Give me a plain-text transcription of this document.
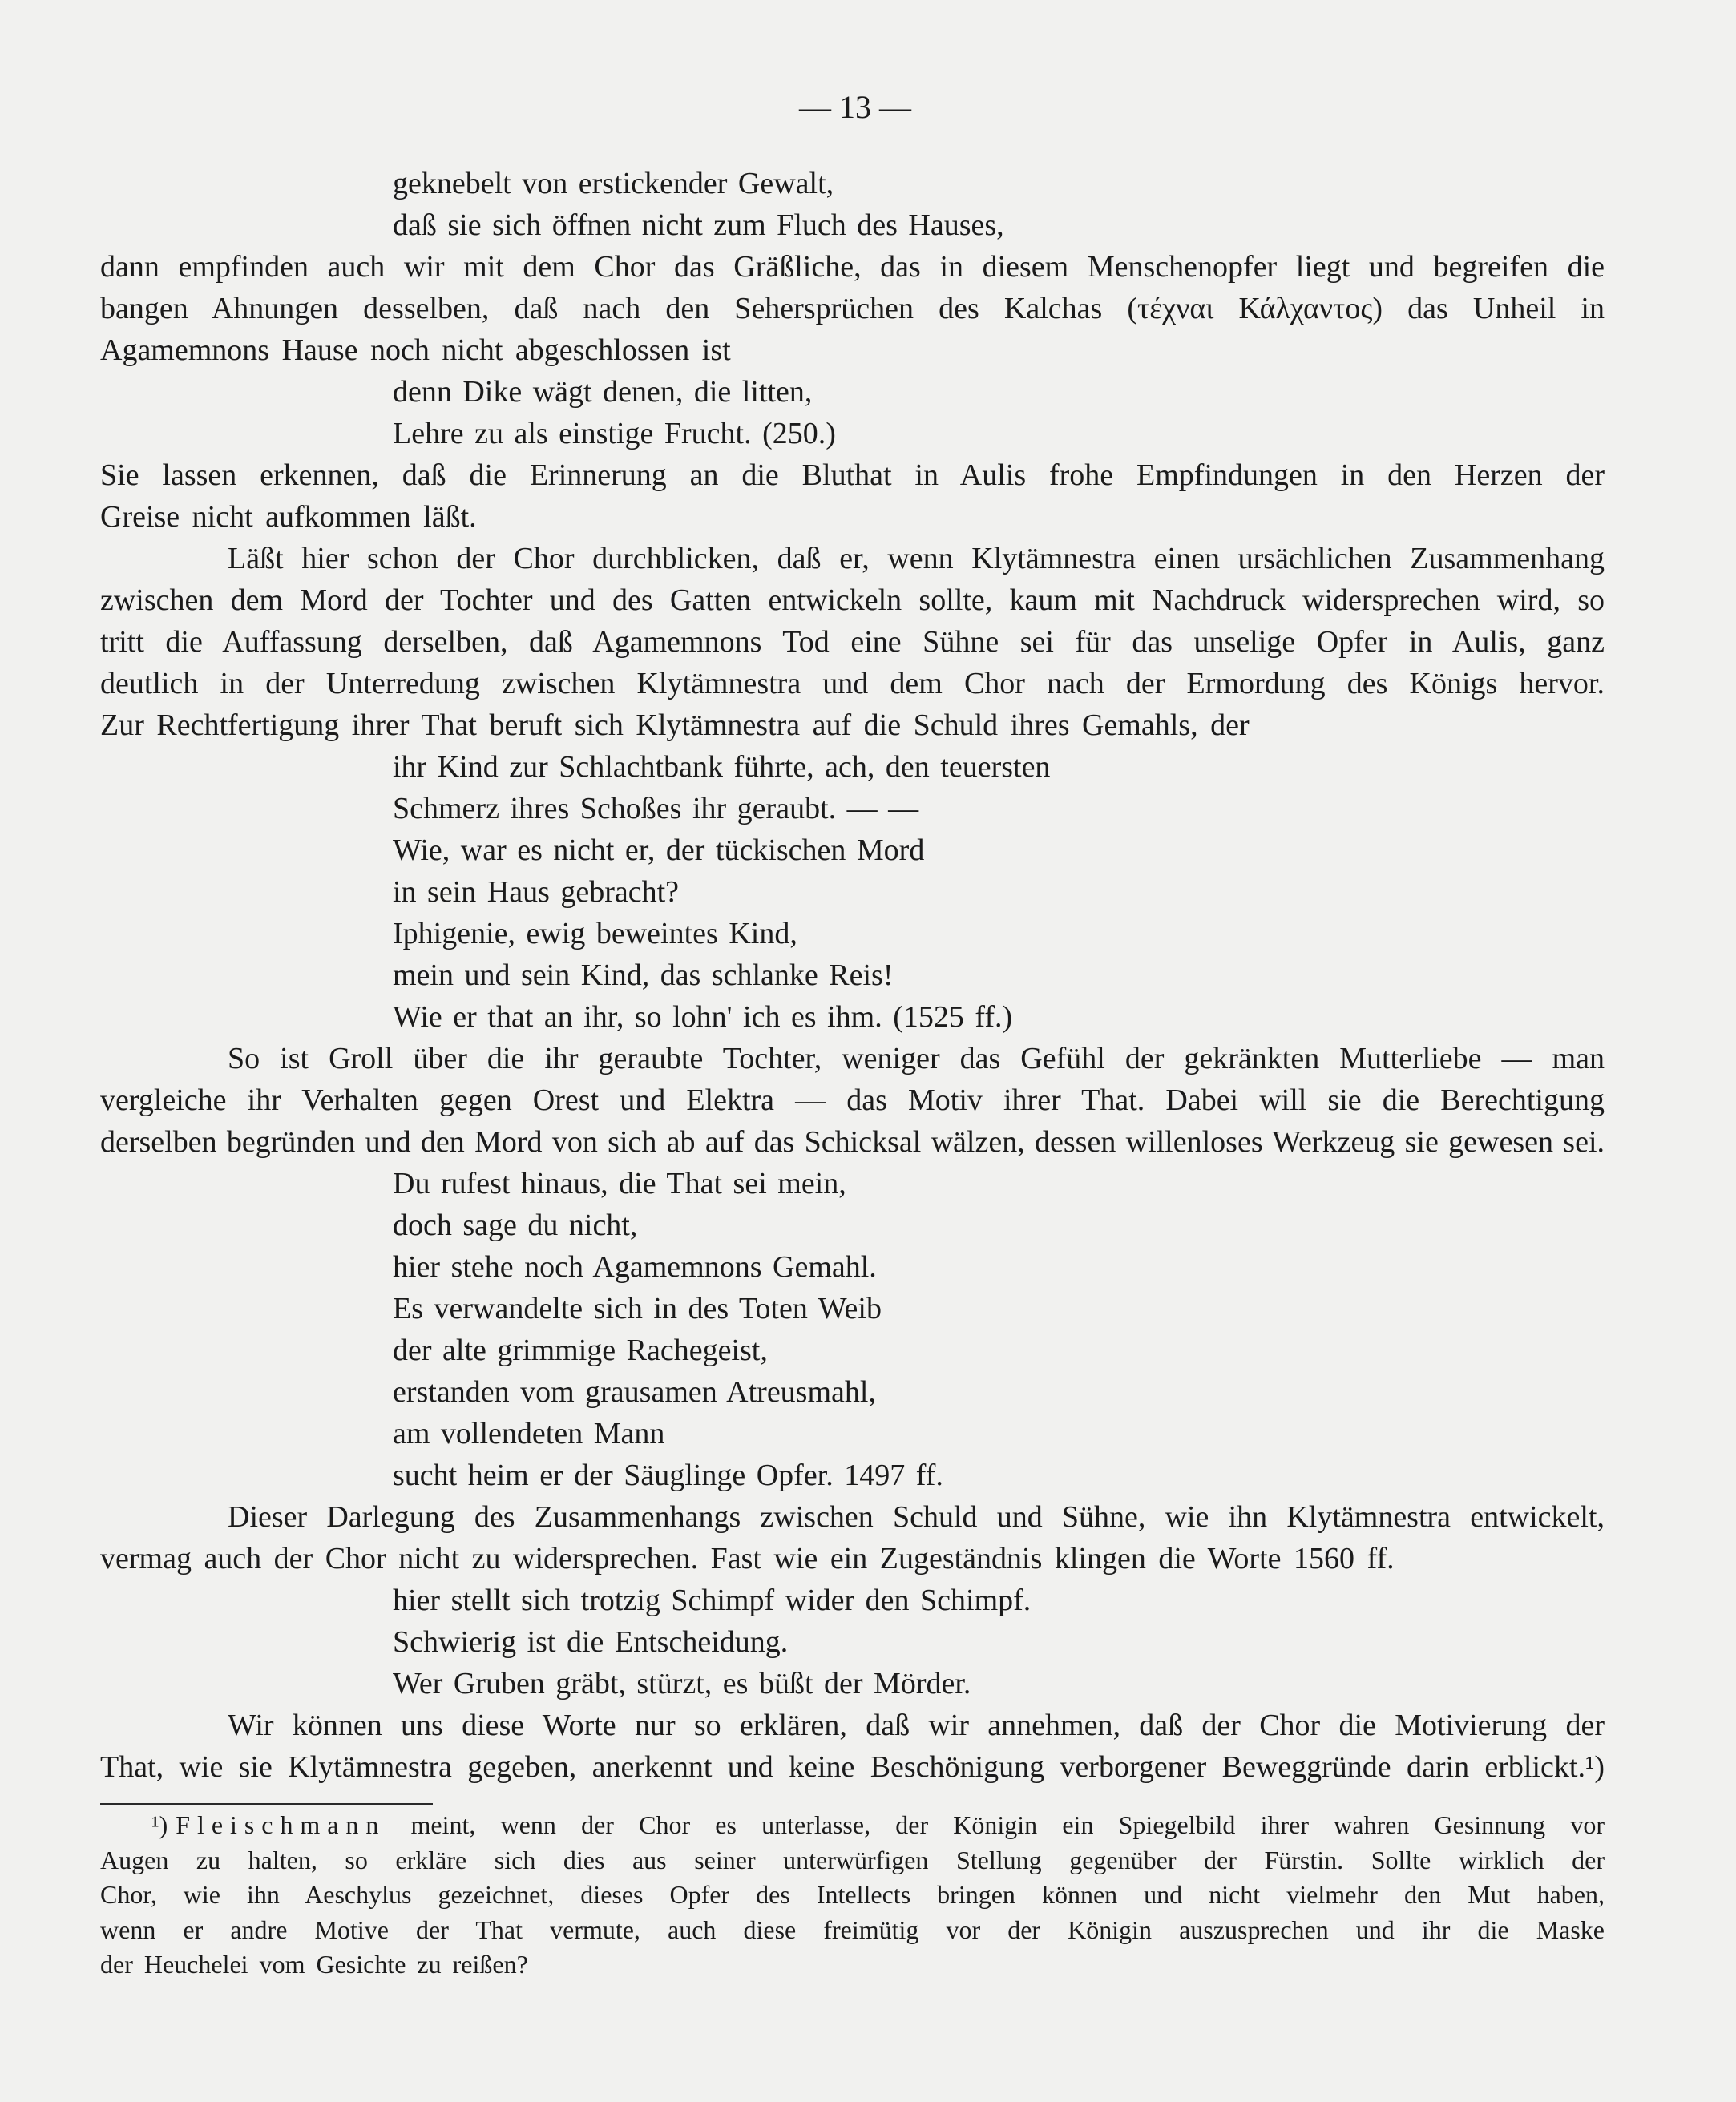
— 13 —
geknebelt von erstickender Gewalt,
daß sie sich öffnen nicht zum Fluch des Hauses,
dann empfinden auch wir mit dem Chor das Gräßliche, das in diesem Menschenopfer liegt und begreifen die
bangen Ahnungen desselben, daß nach den Sehersprüchen des Kalchas (τέχναι Κάλχαντος) das Unheil in
Agamemnons Hause noch nicht abgeschlossen ist
denn Dike wägt denen, die litten,
Lehre zu als einstige Frucht. (250.)
Sie lassen erkennen, daß die Erinnerung an die Bluthat in Aulis frohe Empfindungen in den Herzen der
Greise nicht aufkommen läßt.
Läßt hier schon der Chor durchblicken, daß er, wenn Klytämnestra einen ursächlichen Zusammenhang
zwischen dem Mord der Tochter und des Gatten entwickeln sollte, kaum mit Nachdruck widersprechen wird, so
tritt die Auffassung derselben, daß Agamemnons Tod eine Sühne sei für das unselige Opfer in Aulis, ganz
deutlich in der Unterredung zwischen Klytämnestra und dem Chor nach der Ermordung des Königs hervor.
Zur Rechtfertigung ihrer That beruft sich Klytämnestra auf die Schuld ihres Gemahls, der
ihr Kind zur Schlachtbank führte, ach, den teuersten
Schmerz ihres Schoßes ihr geraubt. — —
Wie, war es nicht er, der tückischen Mord
in sein Haus gebracht?
Iphigenie, ewig beweintes Kind,
mein und sein Kind, das schlanke Reis!
Wie er that an ihr, so lohn' ich es ihm. (1525 ff.)
So ist Groll über die ihr geraubte Tochter, weniger das Gefühl der gekränkten Mutterliebe — man
vergleiche ihr Verhalten gegen Orest und Elektra — das Motiv ihrer That. Dabei will sie die Berechtigung
derselben begründen und den Mord von sich ab auf das Schicksal wälzen, dessen willenloses Werkzeug sie gewesen sei.
Du rufest hinaus, die That sei mein,
doch sage du nicht,
hier stehe noch Agamemnons Gemahl.
Es verwandelte sich in des Toten Weib
der alte grimmige Rachegeist,
erstanden vom grausamen Atreusmahl,
am vollendeten Mann
sucht heim er der Säuglinge Opfer. 1497 ff.
Dieser Darlegung des Zusammenhangs zwischen Schuld und Sühne, wie ihn Klytämnestra entwickelt,
vermag auch der Chor nicht zu widersprechen. Fast wie ein Zugeständnis klingen die Worte 1560 ff.
hier stellt sich trotzig Schimpf wider den Schimpf.
Schwierig ist die Entscheidung.
Wer Gruben gräbt, stürzt, es büßt der Mörder.
Wir können uns diese Worte nur so erklären, daß wir annehmen, daß der Chor die Motivierung der
That, wie sie Klytämnestra gegeben, anerkennt und keine Beschönigung verborgener Beweggründe darin erblickt.¹)
¹) Fleischmann meint, wenn der Chor es unterlasse, der Königin ein Spiegelbild ihrer wahren Gesinnung vor
Augen zu halten, so erkläre sich dies aus seiner unterwürfigen Stellung gegenüber der Fürstin. Sollte wirklich der
Chor, wie ihn Aeschylus gezeichnet, dieses Opfer des Intellects bringen können und nicht vielmehr den Mut haben,
wenn er andre Motive der That vermute, auch diese freimütig vor der Königin auszusprechen und ihr die Maske
der Heuchelei vom Gesichte zu reißen?
